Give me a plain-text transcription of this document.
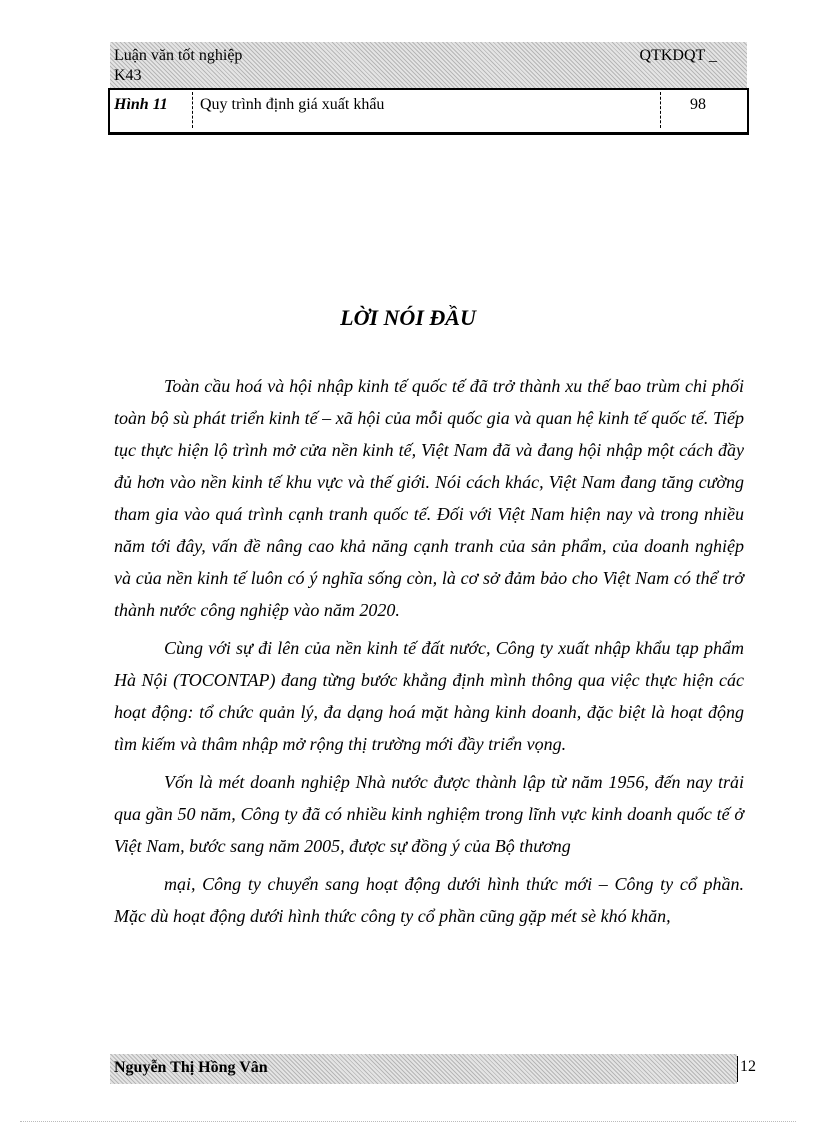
Luận văn tốt nghiệp
K43
QTKDQT _
Hình 11 Quy trình định giá xuất khẩu	98
LỜI NÓI ĐẦU

Toàn cầu hoá và hội nhập kinh tế quốc tế đã trở thành xu thế bao trùm chi phối toàn bộ sù phát triển kinh tế – xã hội của mỗi quốc gia và quan hệ kinh tế quốc tế. Tiếp tục thực hiện lộ trình mở cửa nền kinh tế, Việt Nam đã và đang hội nhập một cách đầy đủ hơn vào nền kinh tế khu vực và thế giới. Nói cách khác, Việt Nam đang tăng cường tham gia vào quá trình cạnh tranh quốc tế. Đối với Việt Nam hiện nay và trong nhiều năm tới đây, vấn đề nâng cao khả năng cạnh tranh của sản phẩm, của doanh nghiệp và của nền kinh tế luôn có ý nghĩa sống còn, là cơ sở đảm bảo cho Việt Nam có thể trở thành nước công nghiệp vào năm 2020.

Cùng với sự đi lên của nền kinh tế đất nước, Công ty xuất nhập khẩu tạp phẩm Hà Nội (TOCONTAP) đang từng bước khẳng định mình thông qua việc thực hiện các hoạt động: tổ chức quản lý, đa dạng hoá mặt hàng kinh doanh, đặc biệt là hoạt động tìm kiếm và thâm nhập mở rộng thị trường mới đầy triển vọng.

Vốn là mét doanh nghiệp Nhà nước được thành lập từ năm 1956, đến nay trải qua gần 50 năm, Công ty đã có nhiều kinh nghiệm trong lĩnh vực kinh doanh quốc tế ở Việt Nam, bước sang năm 2005, được sự đồng ý của Bộ thương

mại, Công ty chuyển sang hoạt động dưới hình thức mới – Công ty cổ phần. Mặc dù hoạt động dưới hình thức công ty cổ phần cũng gặp mét sè khó khăn,

Nguyễn Thị Hồng Vân	12
